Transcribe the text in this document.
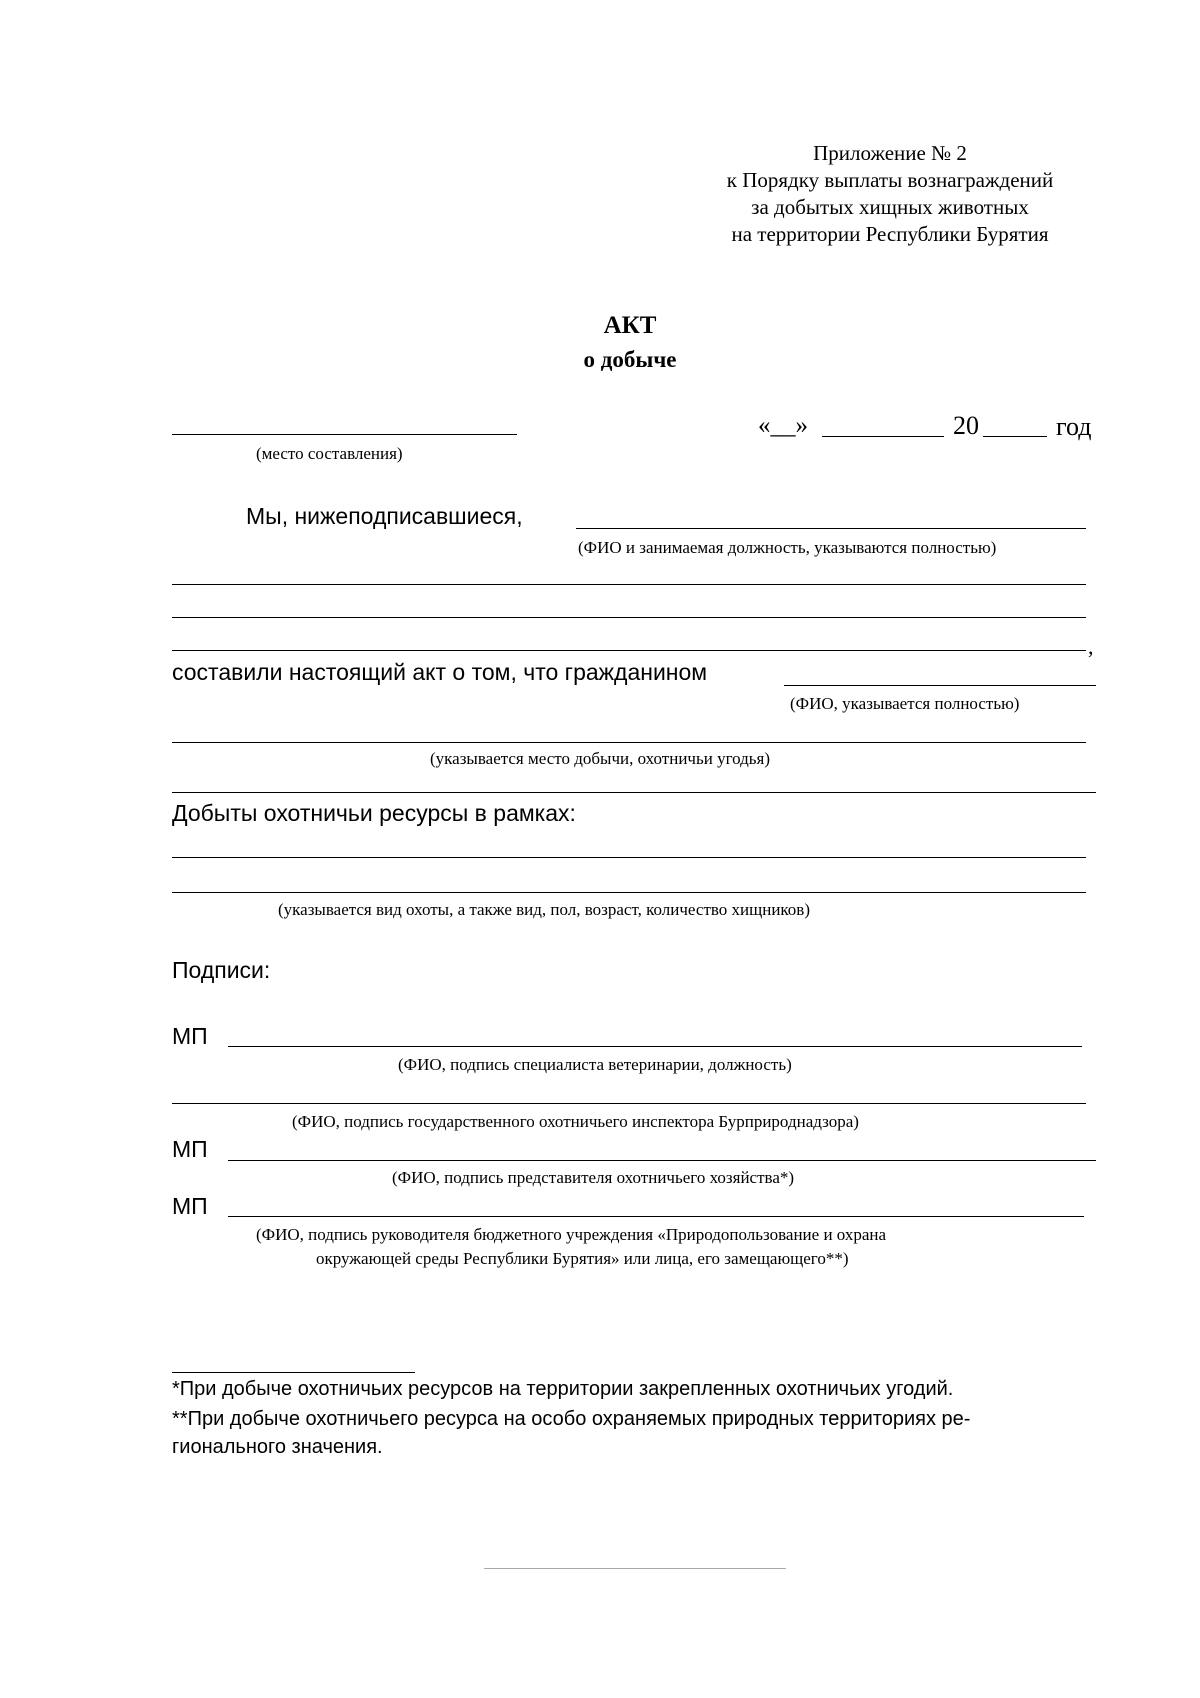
Приложение № 2
к Порядку выплаты вознаграждений
за добытых хищных животных
на территории Республики Бурятия
АКТ
о добыче
(место составления)
«__»	20	год
Мы, нижеподписавшиеся,
(ФИО и занимаемая должность, указываются полностью)
,
составили настоящий акт о том, что гражданином
(ФИО, указывается полностью)
(указывается место добычи, охотничьи угодья)
Добыты охотничьи ресурсы в рамках:
(указывается вид охоты, а также вид, пол, возраст, количество хищников)
Подписи:
МП
(ФИО, подпись специалиста ветеринарии, должность)
(ФИО, подпись государственного охотничьего инспектора Бурприроднадзора)
МП
(ФИО, подпись представителя охотничьего хозяйства*)
МП
(ФИО, подпись руководителя бюджетного учреждения «Природопользование и охрана
окружающей среды Республики Бурятия» или лица, его замещающего**)
*При добыче охотничьих ресурсов на территории закрепленных охотничьих угодий.
**При добыче охотничьего ресурса на особо охраняемых природных территориях ре-
гионального значения.
